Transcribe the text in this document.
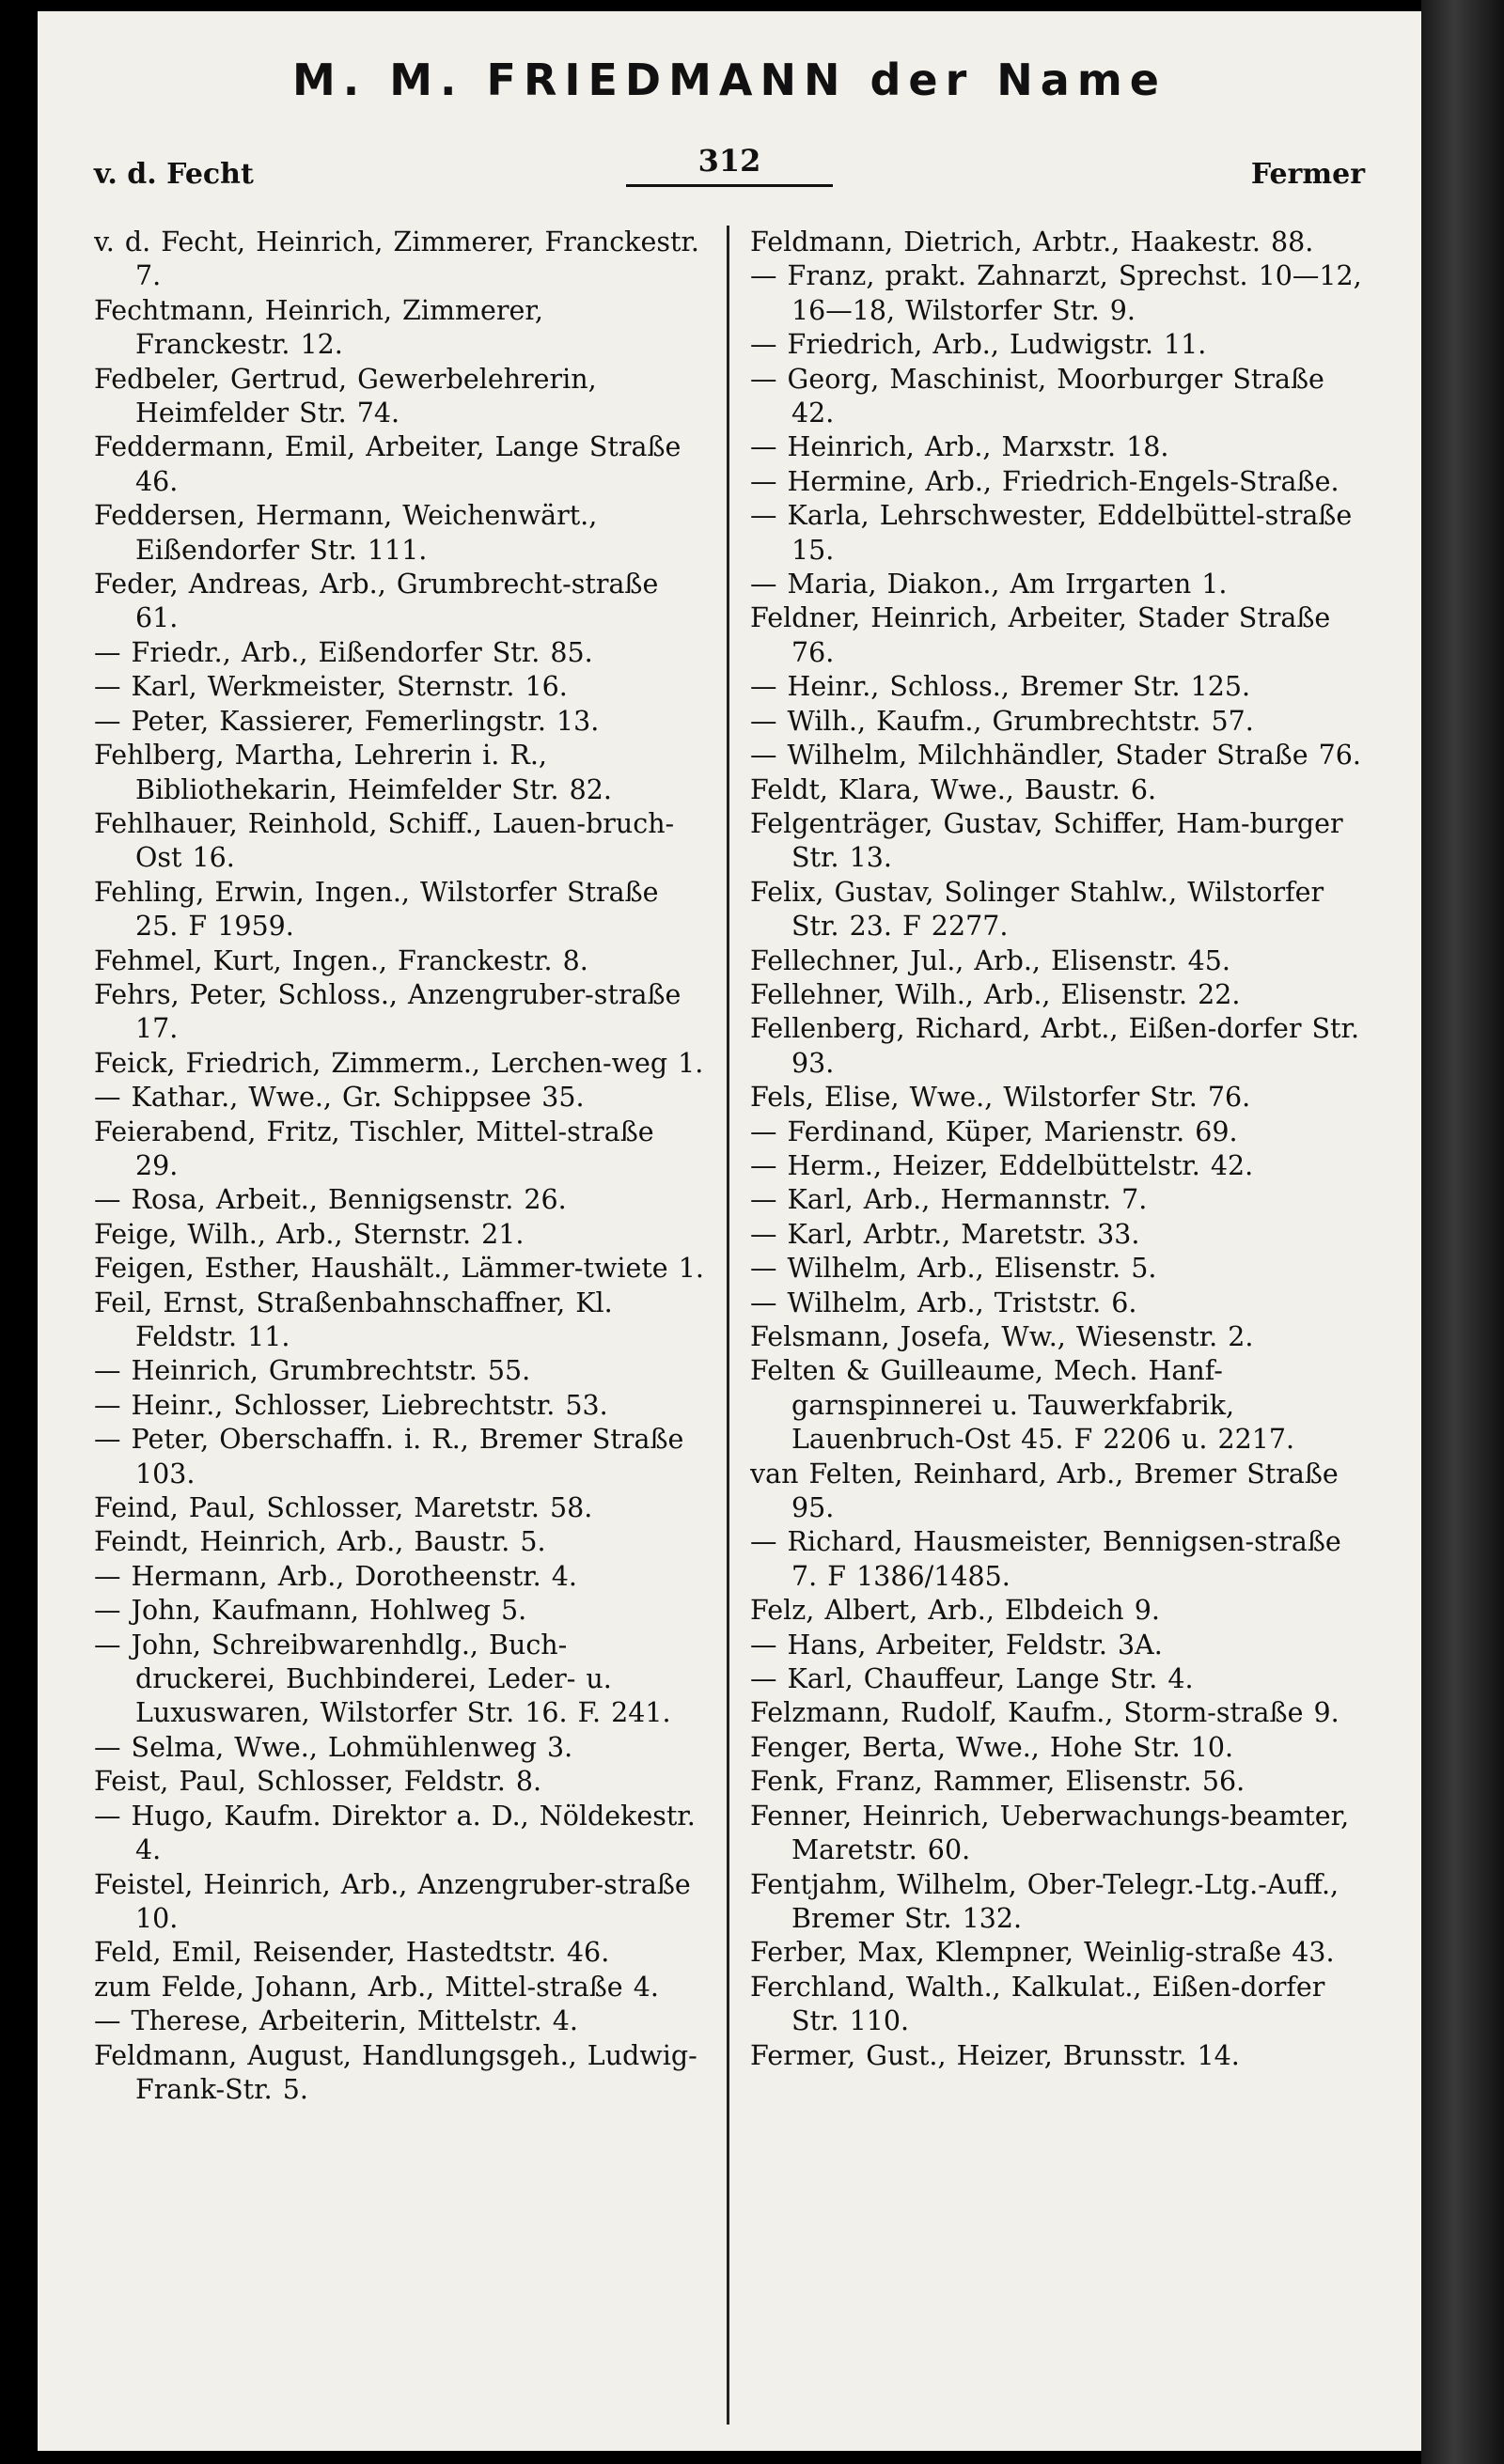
M. M. FRIEDMANN der Name
v. d. Fecht	312	Fermer

v. d. Fecht, Heinrich, Zimmerer, Franckestr. 7.

Fechtmann, Heinrich, Zimmerer, Franckestr. 12.

Fedbeler, Gertrud, Gewerbelehrerin, Heimfelder Str. 74.

Feddermann, Emil, Arbeiter, Lange Straße 46.

Feddersen, Hermann, Weichenwärt., Eißendorfer Str. 111.

Feder, Andreas, Arb., Grumbrecht-straße 61.

— Friedr., Arb., Eißendorfer Str. 85.

— Karl, Werkmeister, Sternstr. 16.

— Peter, Kassierer, Femerlingstr. 13.

Fehlberg, Martha, Lehrerin i. R., Bibliothekarin, Heimfelder Str. 82.

Fehlhauer, Reinhold, Schiff., Lauen-bruch-Ost 16.

Fehling, Erwin, Ingen., Wilstorfer Straße 25. F 1959.

Fehmel, Kurt, Ingen., Franckestr. 8.

Fehrs, Peter, Schloss., Anzengruber-straße 17.

Feick, Friedrich, Zimmerm., Lerchen-weg 1.

— Kathar., Wwe., Gr. Schippsee 35.

Feierabend, Fritz, Tischler, Mittel-straße 29.

— Rosa, Arbeit., Bennigsenstr. 26.

Feige, Wilh., Arb., Sternstr. 21.

Feigen, Esther, Haushält., Lämmer-twiete 1.

Feil, Ernst, Straßenbahnschaffner, Kl. Feldstr. 11.

— Heinrich, Grumbrechtstr. 55.

— Heinr., Schlosser, Liebrechtstr. 53.

— Peter, Oberschaffn. i. R., Bremer Straße 103.

Feind, Paul, Schlosser, Maretstr. 58.

Feindt, Heinrich, Arb., Baustr. 5.

— Hermann, Arb., Dorotheenstr. 4.

— John, Kaufmann, Hohlweg 5.

— John, Schreibwarenhdlg., Buch-druckerei, Buchbinderei, Leder- u. Luxuswaren, Wilstorfer Str. 16. F. 241.

— Selma, Wwe., Lohmühlenweg 3.

Feist, Paul, Schlosser, Feldstr. 8.

— Hugo, Kaufm. Direktor a. D., Nöldekestr. 4.

Feistel, Heinrich, Arb., Anzengruber-straße 10.

Feld, Emil, Reisender, Hastedtstr. 46.

zum Felde, Johann, Arb., Mittel-straße 4.

— Therese, Arbeiterin, Mittelstr. 4.

Feldmann, August, Handlungsgeh., Ludwig-Frank-Str. 5.

Feldmann, Dietrich, Arbtr., Haakestr. 88.

— Franz, prakt. Zahnarzt, Sprechst. 10—12, 16—18, Wilstorfer Str. 9.

— Friedrich, Arb., Ludwigstr. 11.

— Georg, Maschinist, Moorburger Straße 42.

— Heinrich, Arb., Marxstr. 18.

— Hermine, Arb., Friedrich-Engels-Straße.

— Karla, Lehrschwester, Eddelbüttel-straße 15.

— Maria, Diakon., Am Irrgarten 1.

Feldner, Heinrich, Arbeiter, Stader Straße 76.

— Heinr., Schloss., Bremer Str. 125.

— Wilh., Kaufm., Grumbrechtstr. 57.

— Wilhelm, Milchhändler, Stader Straße 76.

Feldt, Klara, Wwe., Baustr. 6.

Felgenträger, Gustav, Schiffer, Ham-burger Str. 13.

Felix, Gustav, Solinger Stahlw., Wilstorfer Str. 23. F 2277.

Fellechner, Jul., Arb., Elisenstr. 45.

Fellehner, Wilh., Arb., Elisenstr. 22.

Fellenberg, Richard, Arbt., Eißen-dorfer Str. 93.

Fels, Elise, Wwe., Wilstorfer Str. 76.

— Ferdinand, Küper, Marienstr. 69.

— Herm., Heizer, Eddelbüttelstr. 42.

— Karl, Arb., Hermannstr. 7.

— Karl, Arbtr., Maretstr. 33.

— Wilhelm, Arb., Elisenstr. 5.

— Wilhelm, Arb., Triststr. 6.

Felsmann, Josefa, Ww., Wiesenstr. 2.

Felten & Guilleaume, Mech. Hanf-garnspinnerei u. Tauwerkfabrik, Lauenbruch-Ost 45. F 2206 u. 2217.

van Felten, Reinhard, Arb., Bremer Straße 95.

— Richard, Hausmeister, Bennigsen-straße 7. F 1386/1485.

Felz, Albert, Arb., Elbdeich 9.

— Hans, Arbeiter, Feldstr. 3A.

— Karl, Chauffeur, Lange Str. 4.

Felzmann, Rudolf, Kaufm., Storm-straße 9.

Fenger, Berta, Wwe., Hohe Str. 10.

Fenk, Franz, Rammer, Elisenstr. 56.

Fenner, Heinrich, Ueberwachungs-beamter, Maretstr. 60.

Fentjahm, Wilhelm, Ober-Telegr.-Ltg.-Auff., Bremer Str. 132.

Ferber, Max, Klempner, Weinlig-straße 43.

Ferchland, Walth., Kalkulat., Eißen-dorfer Str. 110.

Fermer, Gust., Heizer, Brunsstr. 14.
